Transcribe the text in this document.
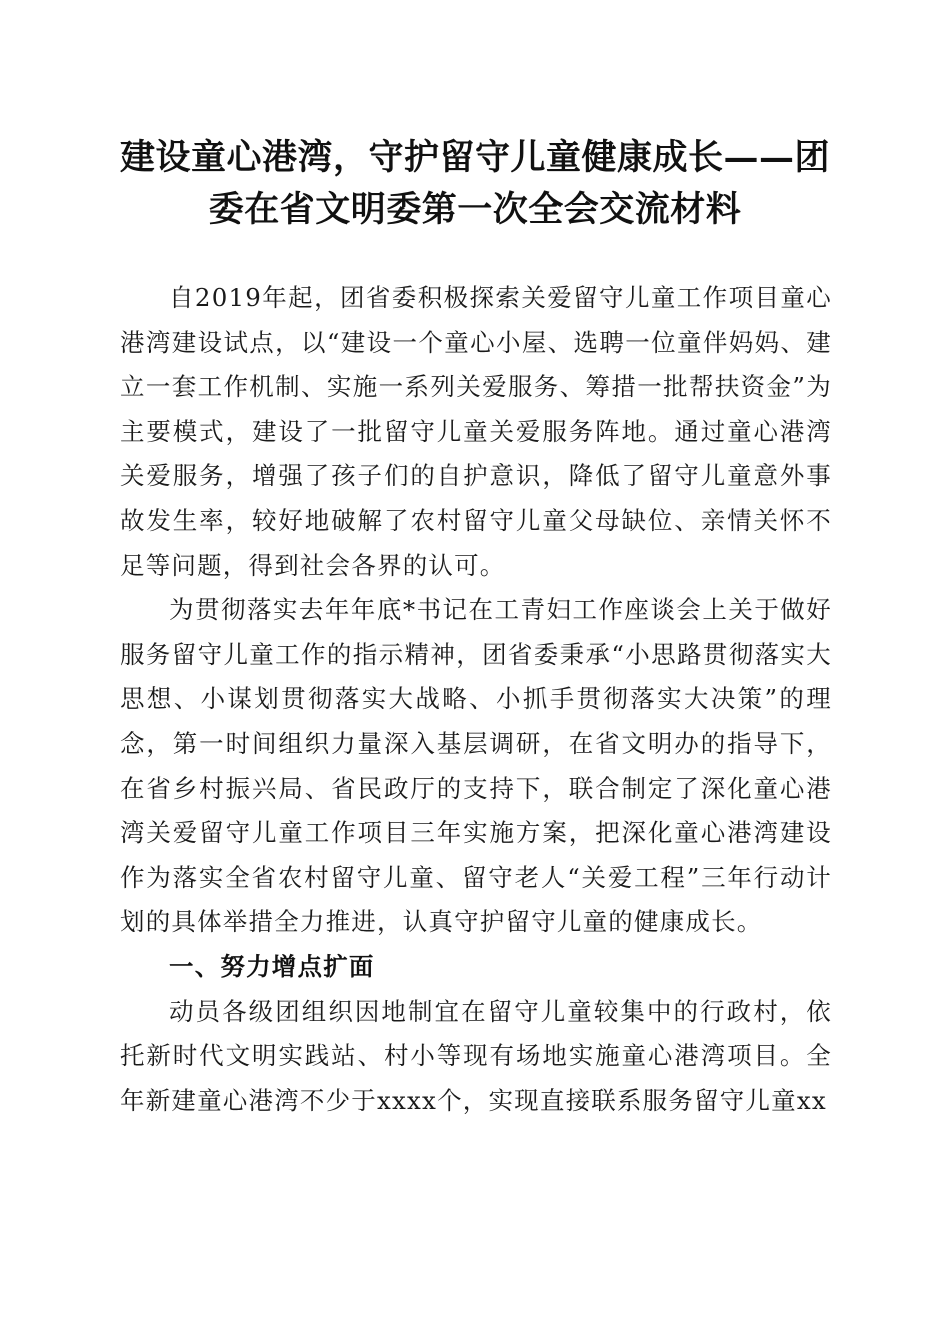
建设童心港湾，守护留守儿童健康成长——团委在省文明委第一次全会交流材料

自2019年起，团省委积极探索关爱留守儿童工作项目童心港湾建设试点，以“建设一个童心小屋、选聘一位童伴妈妈、建立一套工作机制、实施一系列关爱服务、筹措一批帮扶资金”为主要模式，建设了一批留守儿童关爱服务阵地。通过童心港湾关爱服务，增强了孩子们的自护意识，降低了留守儿童意外事故发生率，较好地破解了农村留守儿童父母缺位、亲情关怀不足等问题，得到社会各界的认可。

为贯彻落实去年年底*书记在工青妇工作座谈会上关于做好服务留守儿童工作的指示精神，团省委秉承“小思路贯彻落实大思想、小谋划贯彻落实大战略、小抓手贯彻落实大决策”的理念，第一时间组织力量深入基层调研，在省文明办的指导下，在省乡村振兴局、省民政厅的支持下，联合制定了深化童心港湾关爱留守儿童工作项目三年实施方案，把深化童心港湾建设作为落实全省农村留守儿童、留守老人“关爱工程”三年行动计划的具体举措全力推进，认真守护留守儿童的健康成长。

一、努力增点扩面

动员各级团组织因地制宜在留守儿童较集中的行政村，依托新时代文明实践站、村小等现有场地实施童心港湾项目。全年新建童心港湾不少于xxxx个，实现直接联系服务留守儿童xx
